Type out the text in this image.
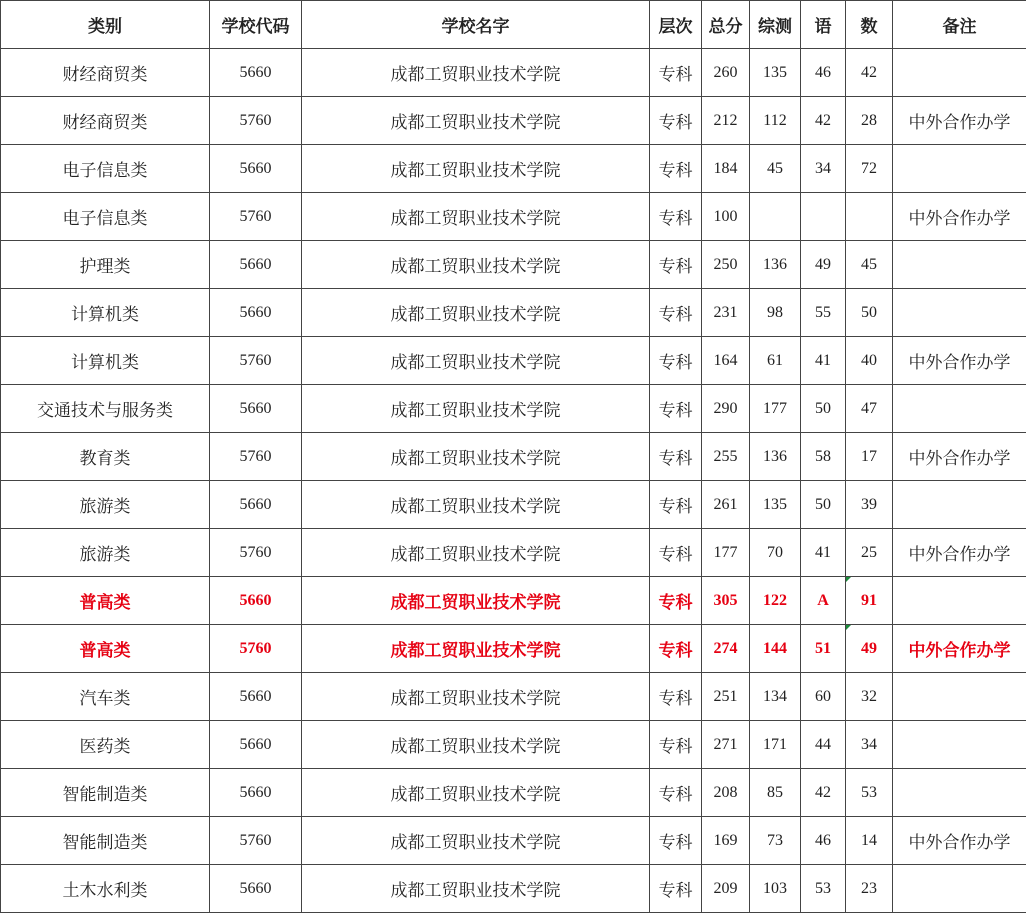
类别	学校代码	学校名字	层次	总分	综测	语	数	备注
财经商贸类	5660	成都工贸职业技术学院	专科	260	135	46	42	
财经商贸类	5760	成都工贸职业技术学院	专科	212	112	42	28	中外合作办学
电子信息类	5660	成都工贸职业技术学院	专科	184	45	34	72	
电子信息类	5760	成都工贸职业技术学院	专科	100				中外合作办学
护理类	5660	成都工贸职业技术学院	专科	250	136	49	45	
计算机类	5660	成都工贸职业技术学院	专科	231	98	55	50	
计算机类	5760	成都工贸职业技术学院	专科	164	61	41	40	中外合作办学
交通技术与服务类	5660	成都工贸职业技术学院	专科	290	177	50	47	
教育类	5760	成都工贸职业技术学院	专科	255	136	58	17	中外合作办学
旅游类	5660	成都工贸职业技术学院	专科	261	135	50	39	
旅游类	5760	成都工贸职业技术学院	专科	177	70	41	25	中外合作办学
普高类	5660	成都工贸职业技术学院	专科	305	122	A	91	
普高类	5760	成都工贸职业技术学院	专科	274	144	51	49	中外合作办学
汽车类	5660	成都工贸职业技术学院	专科	251	134	60	32	
医药类	5660	成都工贸职业技术学院	专科	271	171	44	34	
智能制造类	5660	成都工贸职业技术学院	专科	208	85	42	53	
智能制造类	5760	成都工贸职业技术学院	专科	169	73	46	14	中外合作办学
土木水利类	5660	成都工贸职业技术学院	专科	209	103	53	23	
